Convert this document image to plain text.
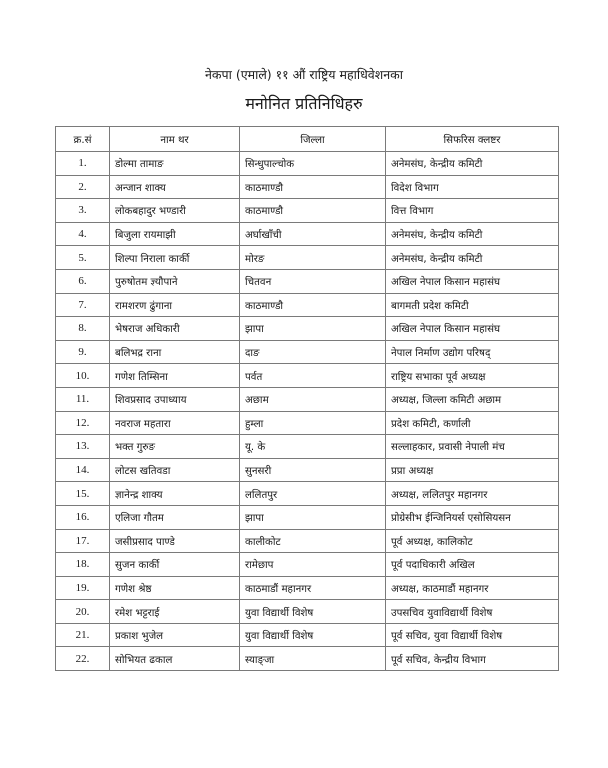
नेकपा (एमाले) ११ औं राष्ट्रिय महाधिवेशनका
मनोनित प्रतिनिधिहरु
क्र.सं	नाम थर	जिल्ला	सिफरिस क्लष्टर
1.	डोल्मा तामाङ	सिन्धुपाल्चोक	अनेमसंघ, केन्द्रीय कमिटी
2.	अन्जान शाक्य	काठमाण्डौ	विदेश विभाग
3.	लोकबहादुर भण्डारी	काठमाण्डौ	वित्त विभाग
4.	बिजुला रायमाझी	अर्घाखाँची	अनेमसंघ, केन्द्रीय कमिटी
5.	शिल्पा निराला कार्की	मोरङ	अनेमसंघ, केन्द्रीय कमिटी
6.	पुरुषोतम ज्ञ्यौपाने	चितवन	अखिल नेपाल किसान महासंघ
7.	रामशरण ढुंगाना	काठमाण्डौ	बागमती प्रदेश कमिटी
8.	भेषराज अधिकारी	झापा	अखिल नेपाल किसान महासंघ
9.	बलिभद्र राना	दाङ	नेपाल निर्माण उद्योग परिषद्
10.	गणेश तिम्सिना	पर्वत	राष्ट्रिय सभाका पूर्व अध्यक्ष
11.	शिवप्रसाद उपाध्याय	अछाम	अध्यक्ष, जिल्ला कमिटी अछाम
12.	नवराज महतारा	हुम्ला	प्रदेश कमिटी, कर्णाली
13.	भक्त गुरुङ	यू. के	सल्लाहकार, प्रवासी नेपाली मंच
14.	लोटस खतिवडा	सुनसरी	प्रप्रा अध्यक्ष
15.	ज्ञानेन्द्र शाक्य	ललितपुर	अध्यक्ष, ललितपुर महानगर
16.	एलिजा गौतम	झापा	प्रोग्रेसीभ ईन्जिनियर्स एसोसियसन
17.	जसीप्रसाद पाण्डे	कालीकोट	पूर्व अध्यक्ष, कालिकोट
18.	सुजन कार्की	रामेछाप	पूर्व पदाधिकारी अखिल
19.	गणेश श्रेष्ठ	काठमाडौं महानगर	अध्यक्ष, काठमाडौं महानगर
20.	रमेश भट्टराई	युवा विद्यार्थी विशेष	उपसचिव युवाविद्यार्थी विशेष
21.	प्रकाश भुजेल	युवा विद्यार्थी विशेष	पूर्व सचिव, युवा विद्यार्थी विशेष
22.	सोभियत ढकाल	स्याङ्जा	पूर्व सचिव, केन्द्रीय विभाग
